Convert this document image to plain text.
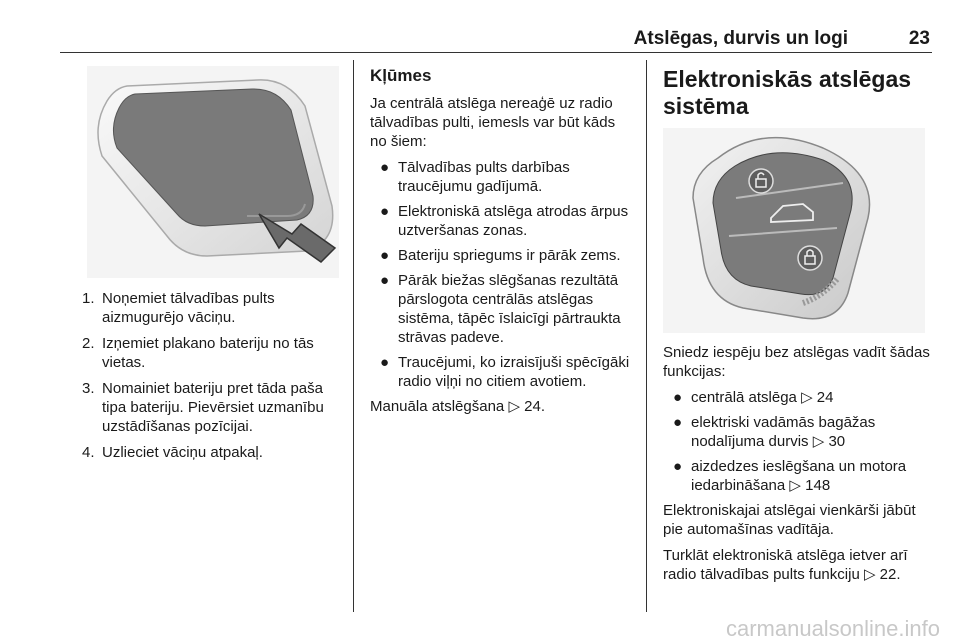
Atslēgas, durvis un logi	23
1. Noņemiet tālvadības pults aizmugurējo vāciņu.
2. Izņemiet plakano bateriju no tās vietas.
3. Nomainiet bateriju pret tāda paša tipa bateriju. Pievērsiet uzmanību uzstādīšanas pozīcijai.
4. Uzlieciet vāciņu atpakaļ.
Kļūmes

Ja centrālā atslēga nereaģē uz radio tālvadības pulti, iemesls var būt kāds no šiem:

● Tālvadības pults darbības traucējumu gadījumā.
● Elektroniskā atslēga atrodas ārpus uztveršanas zonas.
● Bateriju spriegums ir pārāk zems.
● Pārāk biežas slēgšanas rezultātā pārslogota centrālās atslēgas sistēma, tāpēc īslaicīgi pārtraukta strāvas padeve.
● Traucējumi, ko izraisījuši spēcīgāki radio viļņi no citiem avotiem.

Manuāla atslēgšana ▷ 24.

Elektroniskās atslēgas sistēma

Sniedz iespēju bez atslēgas vadīt šādas funkcijas:

● centrālā atslēga ▷ 24
● elektriski vadāmās bagāžas nodalījuma durvis ▷ 30
● aizdedzes ieslēgšana un motora iedarbināšana ▷ 148

Elektroniskajai atslēgai vienkārši jābūt pie automašīnas vadītāja.

Turklāt elektroniskā atslēga ietver arī radio tālvadības pults funkciju ▷ 22.

carmanualsonline.info
